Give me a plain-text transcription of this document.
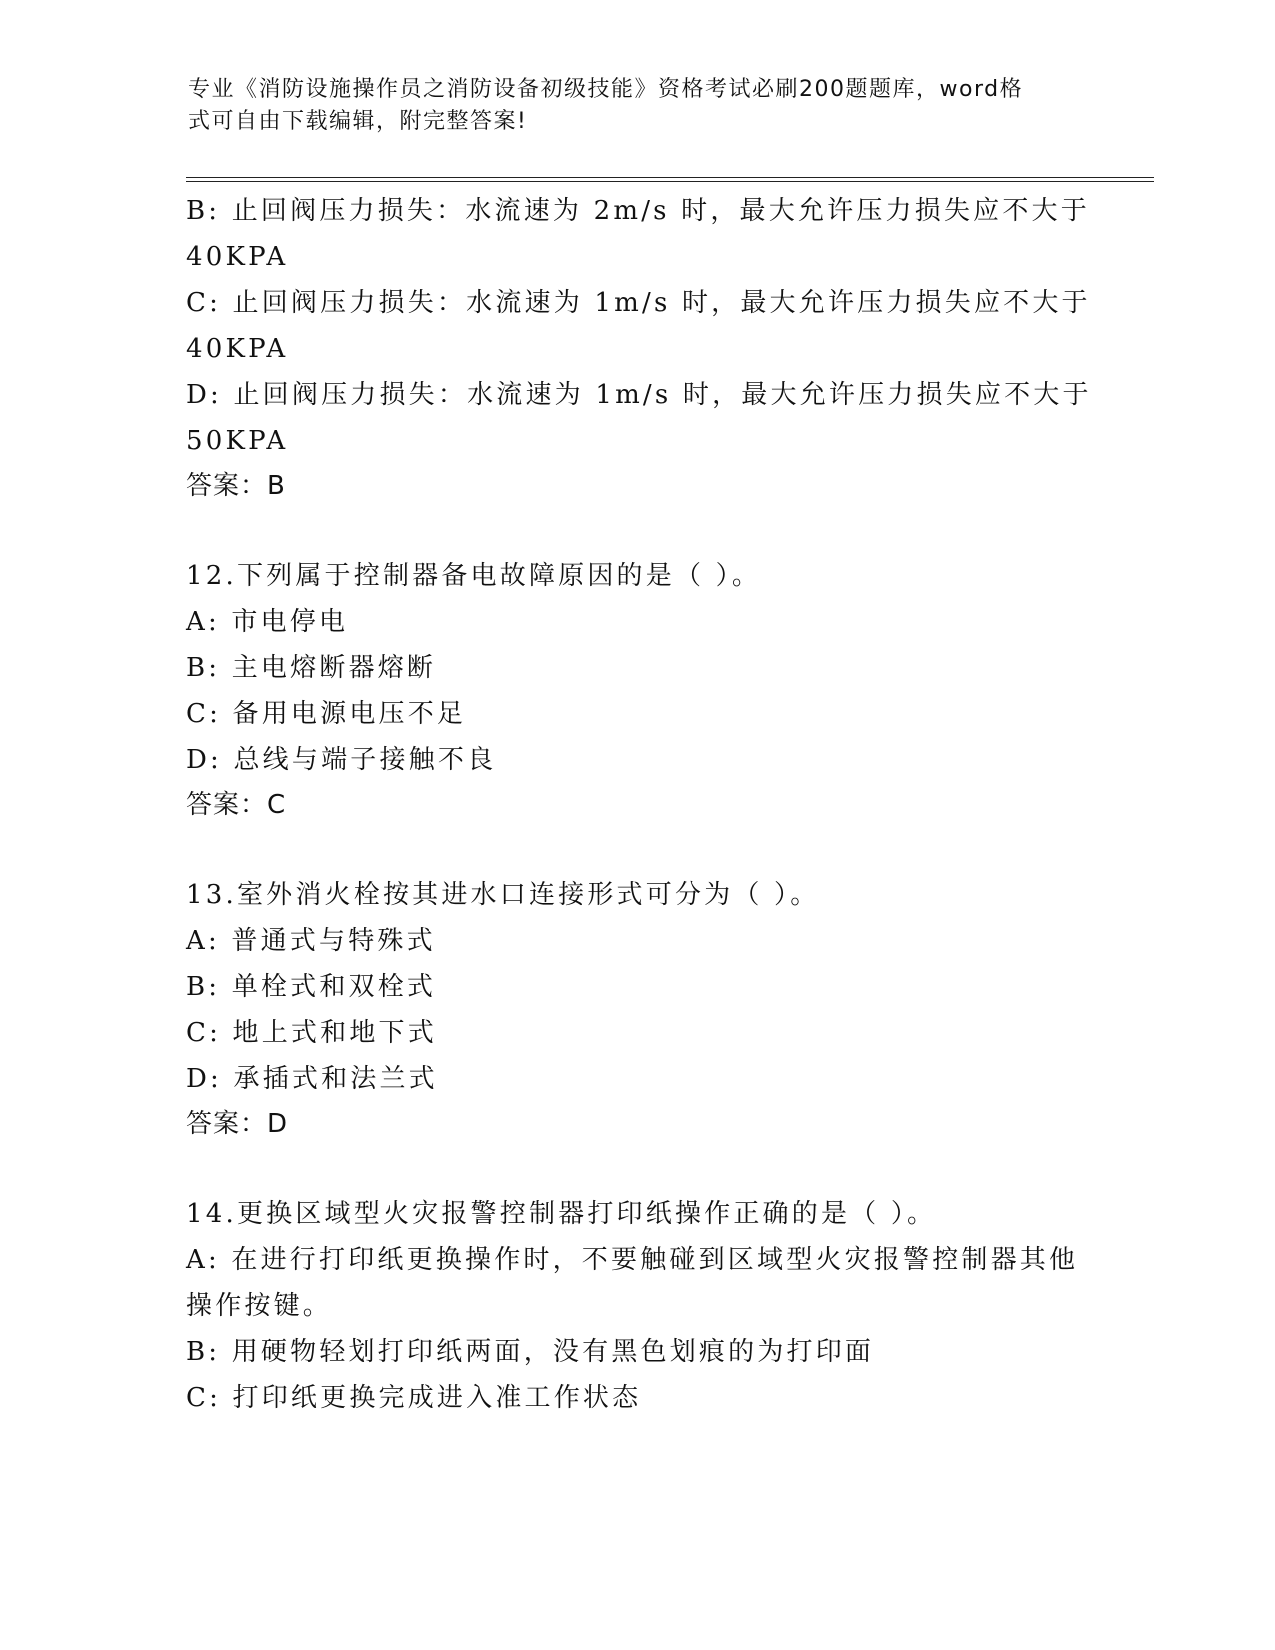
专业《消防设施操作员之消防设备初级技能》资格考试必刷200题题库，word格
式可自由下载编辑，附完整答案!
B: 止回阀压力损失：水流速为 2m/s 时，最大允许压力损失应不大于
40KPA
C: 止回阀压力损失：水流速为 1m/s 时，最大允许压力损失应不大于
40KPA
D: 止回阀压力损失：水流速为 1m/s 时，最大允许压力损失应不大于
50KPA
答案：B
12.下列属于控制器备电故障原因的是（ ）。
A: 市电停电
B: 主电熔断器熔断
C: 备用电源电压不足
D: 总线与端子接触不良
答案：C
13.室外消火栓按其进水口连接形式可分为（ ）。
A: 普通式与特殊式
B: 单栓式和双栓式
C: 地上式和地下式
D: 承插式和法兰式
答案：D
14.更换区域型火灾报警控制器打印纸操作正确的是（ ）。
A: 在进行打印纸更换操作时，不要触碰到区域型火灾报警控制器其他
操作按键。
B: 用硬物轻划打印纸两面，没有黑色划痕的为打印面
C: 打印纸更换完成进入准工作状态
